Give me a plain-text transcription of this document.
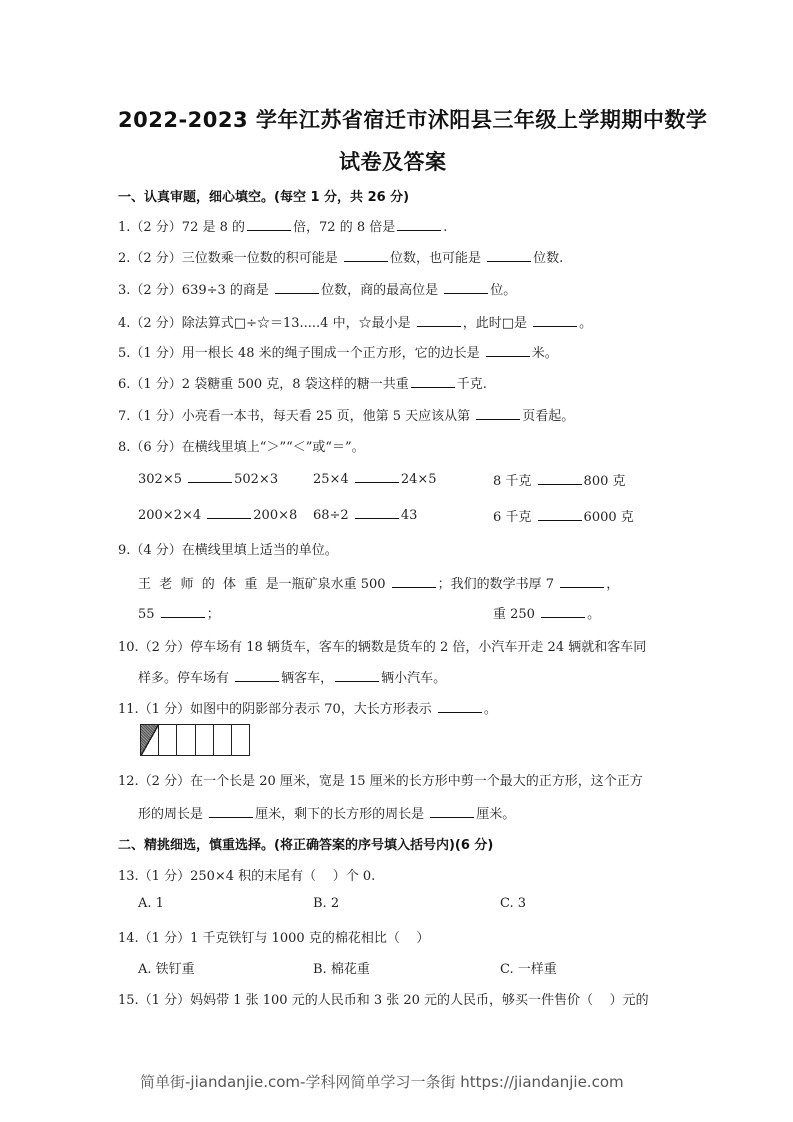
2022-2023 学年江苏省宿迁市沭阳县三年级上学期期中数学
试卷及答案
一、认真审题，细心填空。(每空 1 分，共 26 分)
1.（2 分）72 是 8 的	倍，72 的 8 倍是	.
2.（2 分）三位数乘一位数的积可能是	位数，也可能是	位数.
3.（2 分）639÷3 的商是	位数，商的最高位是	位。
4.（2 分）除法算式□÷☆＝13.....4 中，☆最小是	，此时□是	。
5.（1 分）用一根长 48 米的绳子围成一个正方形，它的边长是	米。
6.（1 分）2 袋糖重 500 克，8 袋这样的糖一共重	千克.
7.（1 分）小亮看一本书，每天看 25 页，他第 5 天应该从第	页看起。
8.（6 分）在横线里填上“＞”“＜”或“＝”。
302×5	502×3	25×4	24×5	8 千克	800 克
200×2×4	200×8 68÷2	43	6 千克	6000 克
9.（4 分）在横线里填上适当的单位。
王  老  师  的  体  重  是一瓶矿泉水重 500	；我们的数学书厚 7	，
55	；	重 250	。
10.（2 分）停车场有 18 辆货车，客车的辆数是货车的 2 倍，小汽车开走 24 辆就和客车同
样多。停车场有	辆客车，	辆小汽车。
11.（1 分）如图中的阴影部分表示 70，大长方形表示	。
12.（2 分）在一个长是 20 厘米，宽是 15 厘米的长方形中剪一个最大的正方形，这个正方
形的周长是	厘米，剩下的长方形的周长是	厘米。
二、精挑细选，慎重选择。(将正确答案的序号填入括号内)(6 分)
13.（1 分）250×4 积的末尾有（    ）个 0.
A. 1	B. 2	C. 3
14.（1 分）1 千克铁钉与 1000 克的棉花相比（    ）
A. 铁钉重	B. 棉花重	C. 一样重
15.（1 分）妈妈带 1 张 100 元的人民币和 3 张 20 元的人民币，够买一件售价（    ）元的
简单街-jiandanjie.com-学科网简单学习一条街 https://jiandanjie.com
